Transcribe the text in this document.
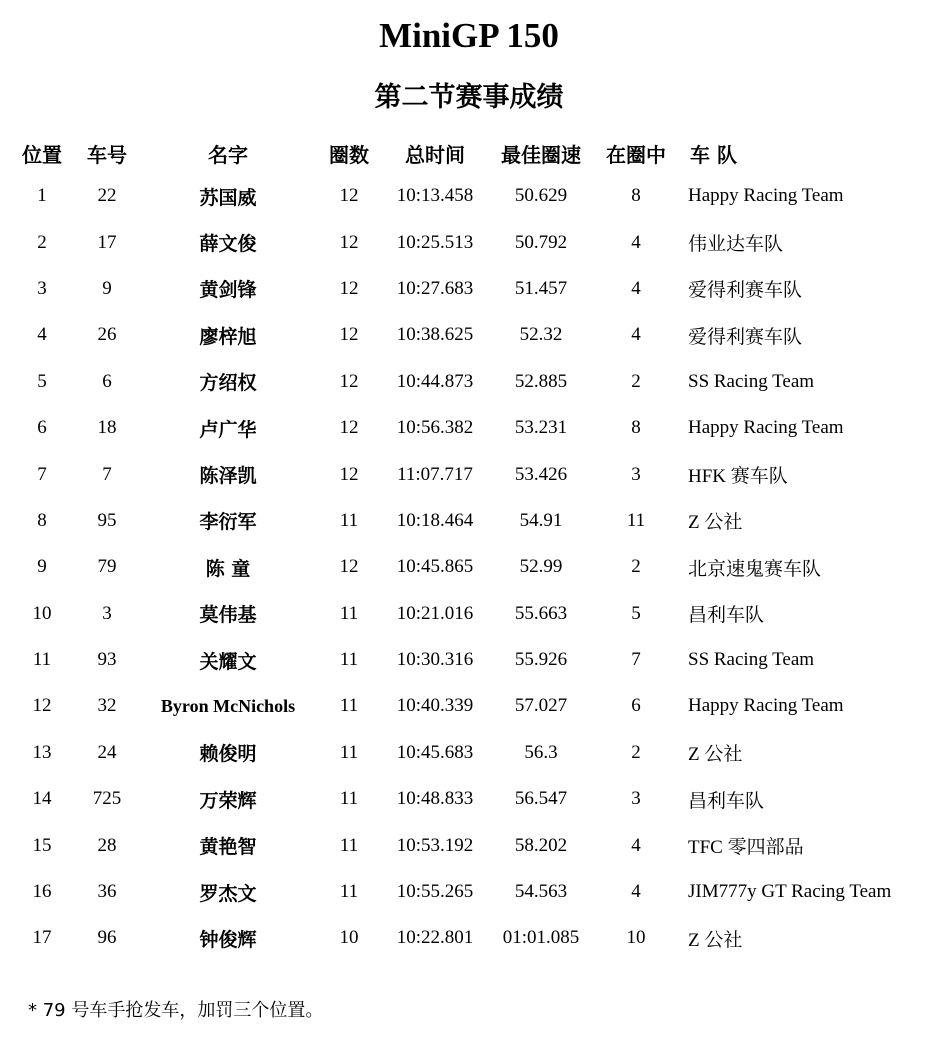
MiniGP 150
第二节赛事成绩
位置	车号	名字	圈数	总时间	最佳圈速	在圈中	车 队
1	22	苏国威	12	10:13.458	50.629	8	Happy Racing Team
2	17	薛文俊	12	10:25.513	50.792	4	伟业达车队
3	9	黄剑锋	12	10:27.683	51.457	4	爱得利赛车队
4	26	廖梓旭	12	10:38.625	52.32	4	爱得利赛车队
5	6	方绍权	12	10:44.873	52.885	2	SS Racing Team
6	18	卢广华	12	10:56.382	53.231	8	Happy Racing Team
7	7	陈泽凯	12	11:07.717	53.426	3	HFK 赛车队
8	95	李衍军	11	10:18.464	54.91	11	Z 公社
9	79	陈 童	12	10:45.865	52.99	2	北京速鬼赛车队
10	3	莫伟基	11	10:21.016	55.663	5	昌利车队
11	93	关耀文	11	10:30.316	55.926	7	SS Racing Team
12	32	Byron McNichols	11	10:40.339	57.027	6	Happy Racing Team
13	24	赖俊明	11	10:45.683	56.3	2	Z 公社
14	725	万荣辉	11	10:48.833	56.547	3	昌利车队
15	28	黄艳智	11	10:53.192	58.202	4	TFC 零四部品
16	36	罗杰文	11	10:55.265	54.563	4	JIM777y GT Racing Team
17	96	钟俊辉	10	10:22.801	01:01.085	10	Z 公社
* 79 号车手抢发车，加罚三个位置。
